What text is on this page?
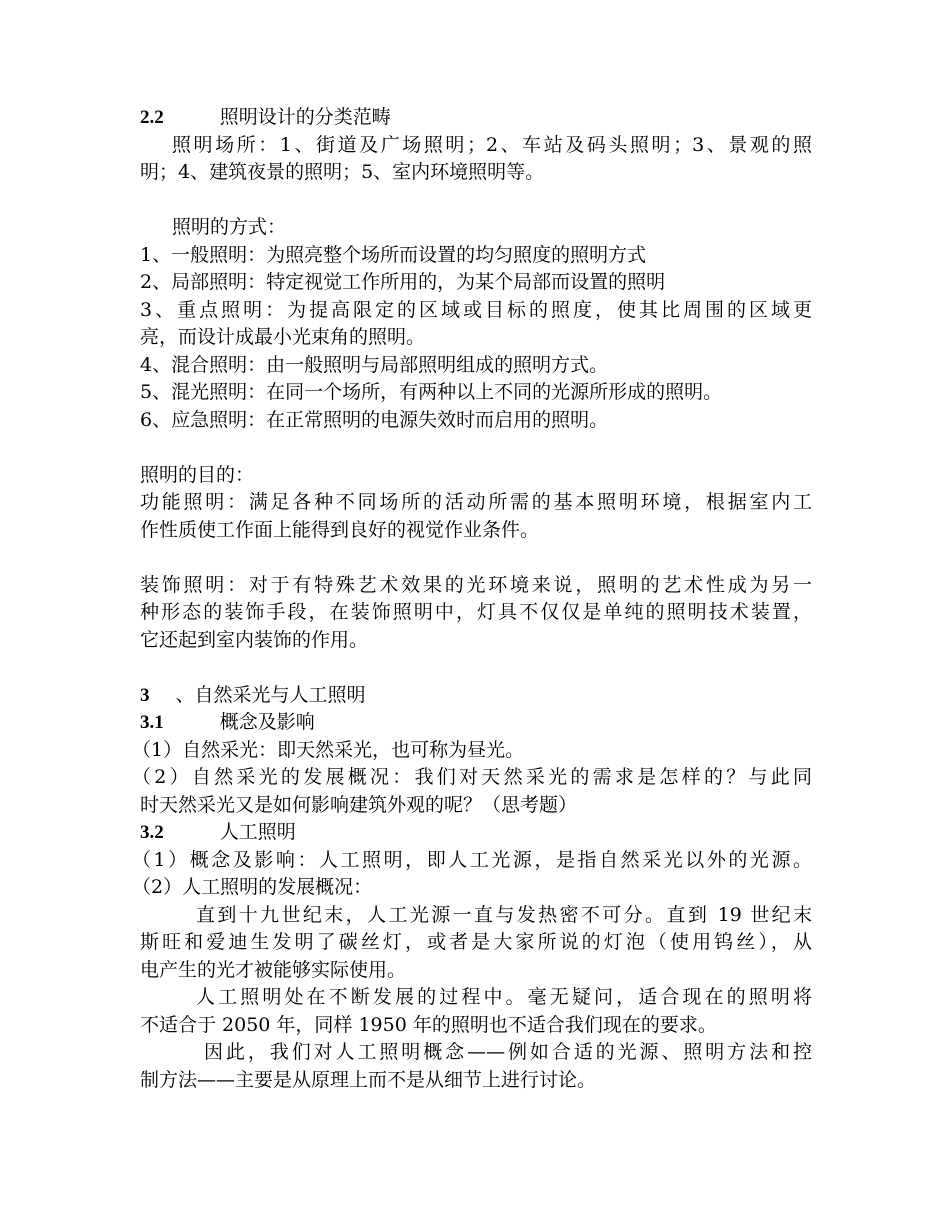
2.2	照明设计的分类范畴
照明场所：1、街道及广场照明；2、车站及码头照明；3、景观的照
明；4、建筑夜景的照明；5、室内环境照明等。
照明的方式：
1、一般照明：为照亮整个场所而设置的均匀照度的照明方式
2、局部照明：特定视觉工作所用的，为某个局部而设置的照明
3、重点照明：为提高限定的区域或目标的照度，使其比周围的区域更
亮，而设计成最小光束角的照明。
4、混合照明：由一般照明与局部照明组成的照明方式。
5、混光照明：在同一个场所，有两种以上不同的光源所形成的照明。
6、应急照明：在正常照明的电源失效时而启用的照明。
照明的目的：
功能照明：满足各种不同场所的活动所需的基本照明环境，根据室内工
作性质使工作面上能得到良好的视觉作业条件。
装饰照明：对于有特殊艺术效果的光环境来说，照明的艺术性成为另一
种形态的装饰手段，在装饰照明中，灯具不仅仅是单纯的照明技术装置，
它还起到室内装饰的作用。
3 、自然采光与人工照明
3.1	概念及影响
（1）自然采光：即天然采光，也可称为昼光。
（2）自然采光的发展概况：我们对天然采光的需求是怎样的？与此同
时天然采光又是如何影响建筑外观的呢？（思考题）
3.2	人工照明
（1）概念及影响：人工照明，即人工光源，是指自然采光以外的光源。
（2）人工照明的发展概况：
直到十九世纪末，人工光源一直与发热密不可分。直到 19 世纪末
斯旺和爱迪生发明了碳丝灯，或者是大家所说的灯泡（使用钨丝），从
电产生的光才被能够实际使用。
人工照明处在不断发展的过程中。毫无疑问，适合现在的照明将
不适合于 2050 年，同样 1950 年的照明也不适合我们现在的要求。
因此，我们对人工照明概念——例如合适的光源、照明方法和控
制方法——主要是从原理上而不是从细节上进行讨论。
